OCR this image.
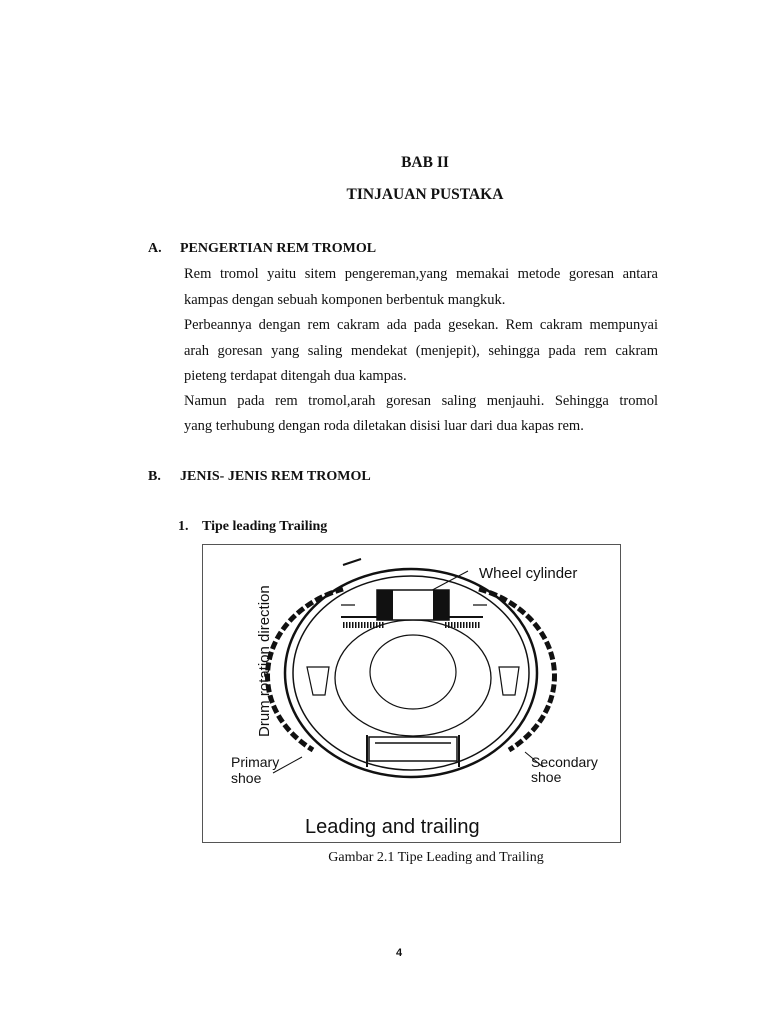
BAB II
TINJAUAN PUSTAKA
A. PENGERTIAN REM TROMOL
Rem tromol yaitu sitem pengereman,yang memakai metode goresan antara
kampas dengan sebuah komponen berbentuk mangkuk.
Perbeannya dengan rem cakram ada pada gesekan. Rem cakram mempunyai
arah goresan yang saling mendekat (menjepit), sehingga pada rem cakram
pieteng terdapat ditengah dua kampas.
Namun pada rem tromol,arah goresan saling menjauhi. Sehingga tromol
yang terhubung dengan roda diletakan disisi luar dari dua kapas rem.
B. JENIS- JENIS REM TROMOL
1. Tipe leading Trailing
Wheel cylinder
Drum rotation direction
Primary
shoe
Secondary
shoe
Leading and trailing
Gambar 2.1 Tipe Leading and Trailing
4
